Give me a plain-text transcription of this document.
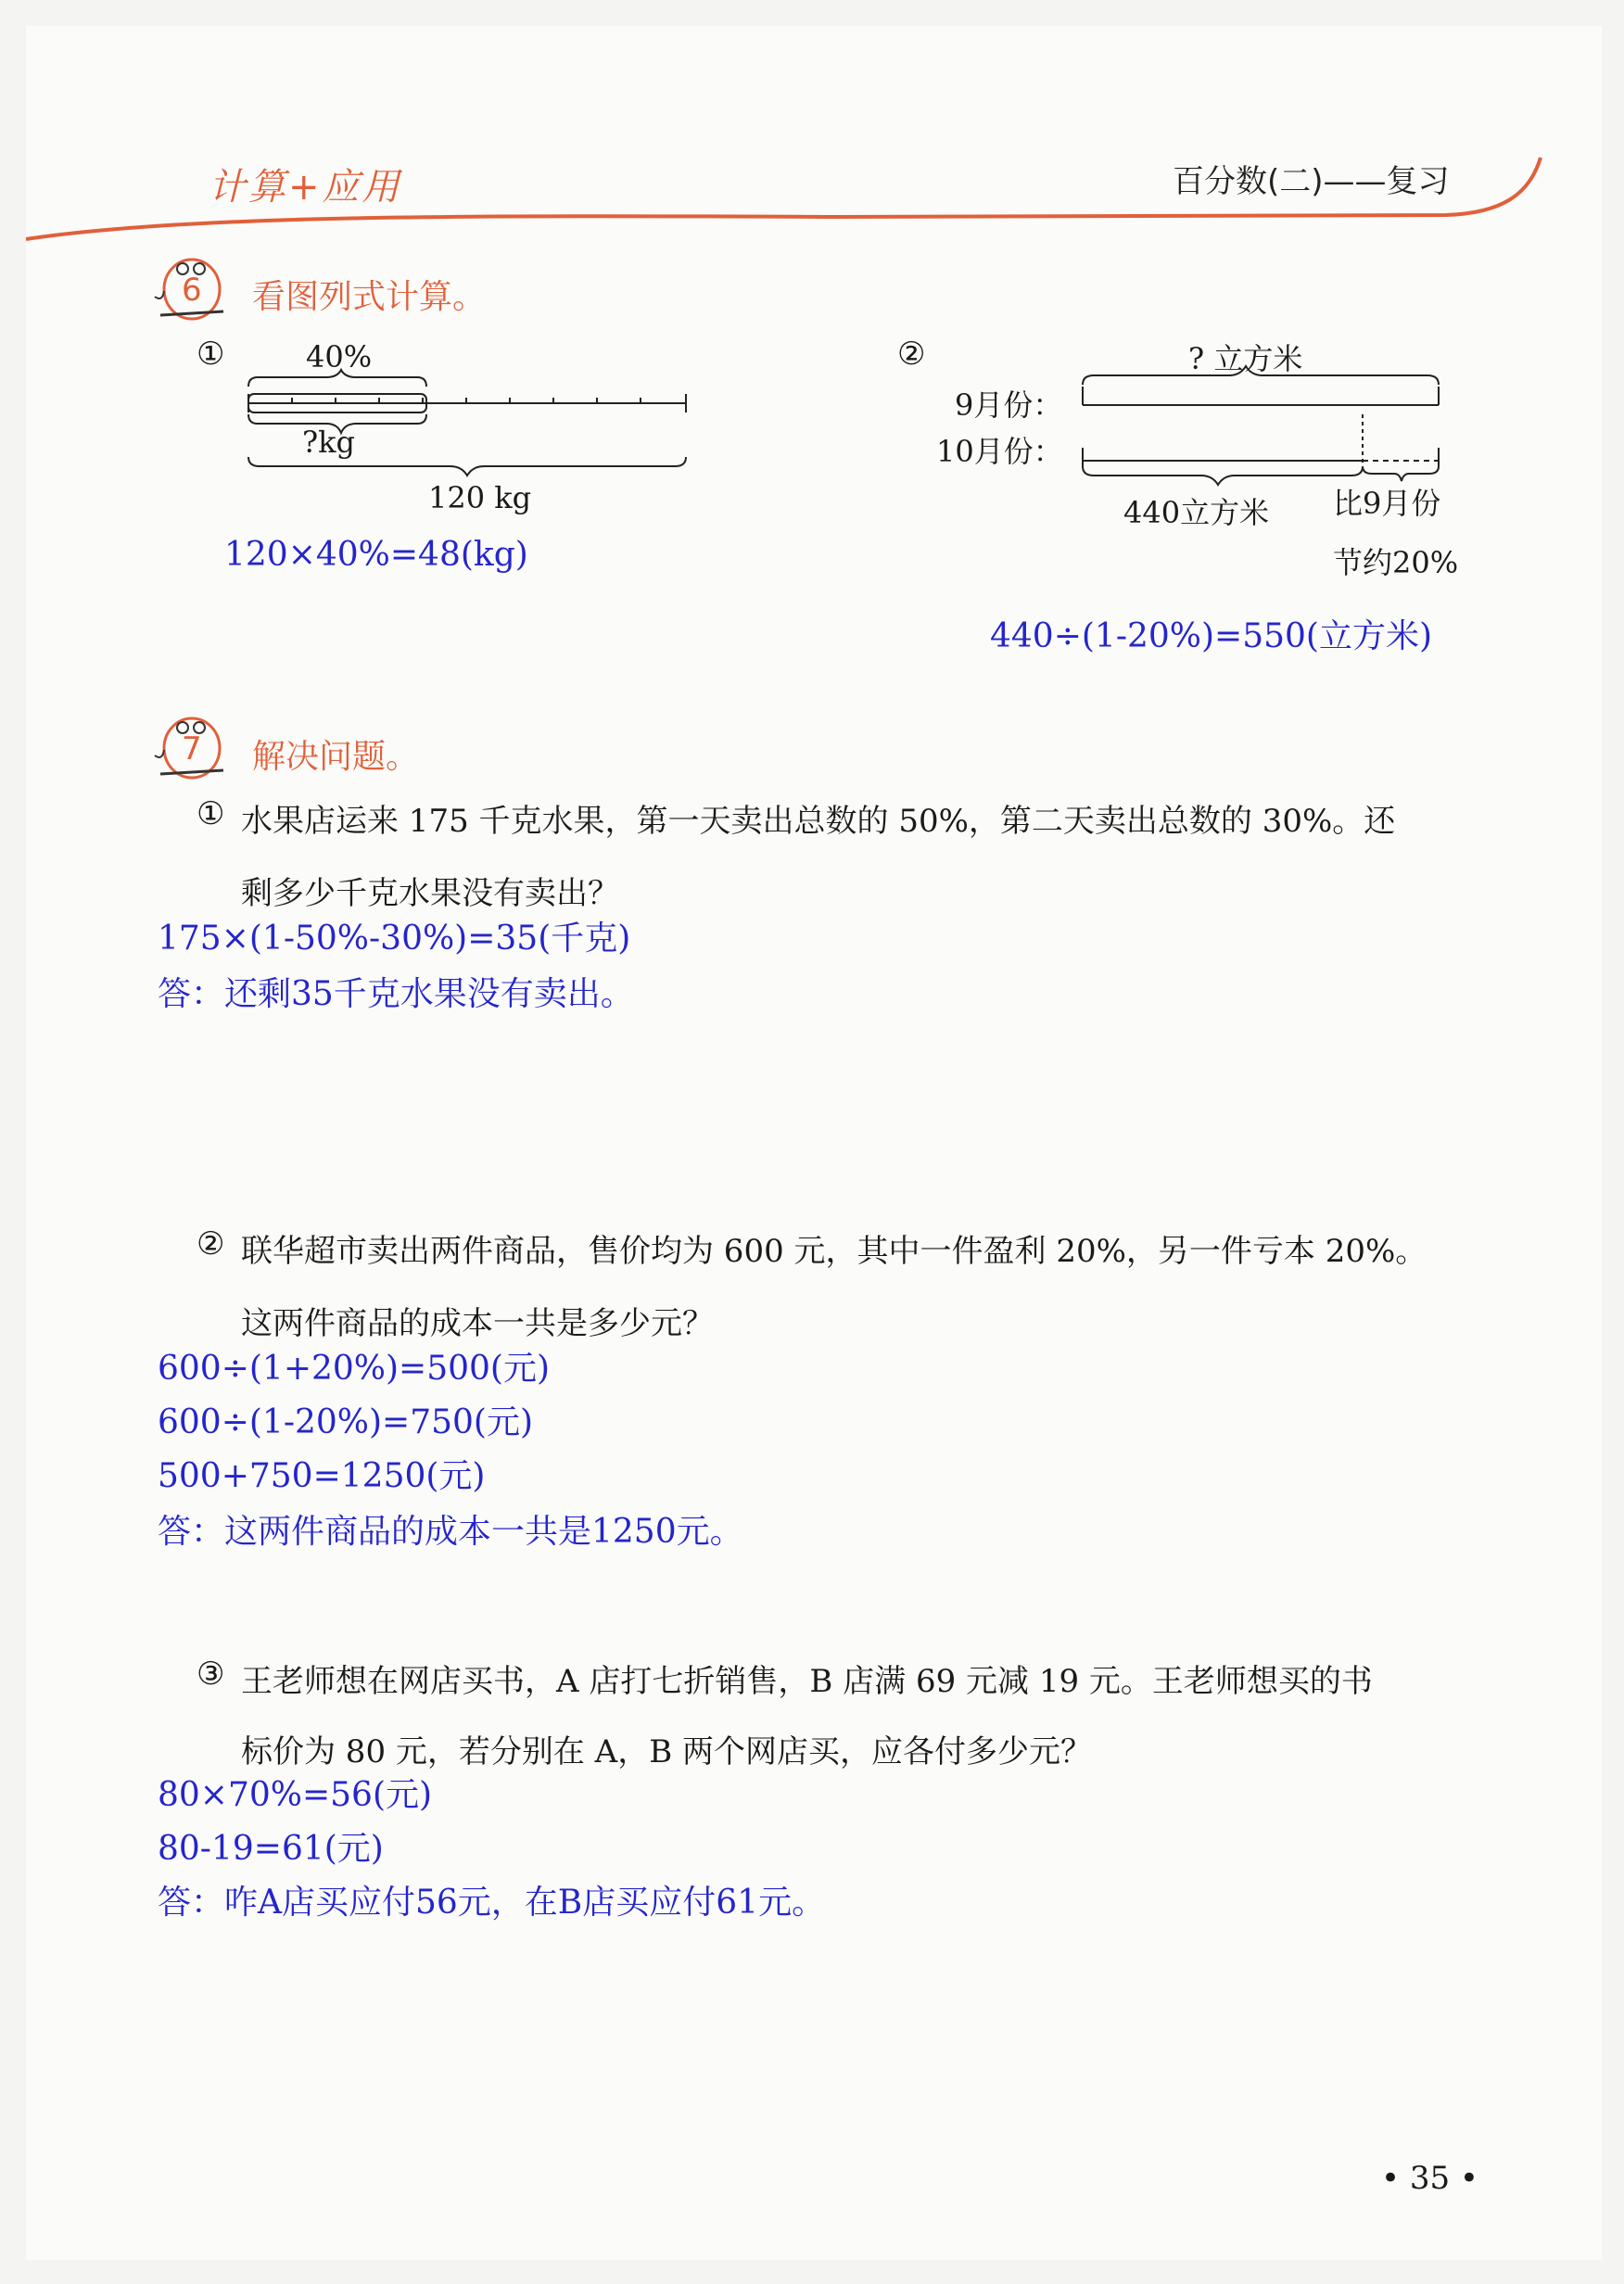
计算+应用	百分数(二)——复习
6 看图列式计算。
①	40%
?kg
120 kg
120×40%=48(kg)
②	? 立方米
9月份：
10月份：
440立方米 比9月份
节约20%
440÷(1-20%)=550(立方米)
7 解决问题。
① 水果店运来 175 千克水果，第一天卖出总数的 50%，第二天卖出总数的 30%。还
剩多少千克水果没有卖出？
175×(1-50%-30%)=35(千克)
答：还剩35千克水果没有卖出。
② 联华超市卖出两件商品，售价均为 600 元，其中一件盈利 20%，另一件亏本 20%。
这两件商品的成本一共是多少元？
600÷(1+20%)=500(元)
600÷(1-20%)=750(元)
500+750=1250(元)
答：这两件商品的成本一共是1250元。
③ 王老师想在网店买书，A 店打七折销售，B 店满 69 元减 19 元。王老师想买的书
标价为 80 元，若分别在 A，B 两个网店买，应各付多少元？
80×70%=56(元)
80-19=61(元)
答：咋A店买应付56元，在B店买应付61元。
• 35 •
